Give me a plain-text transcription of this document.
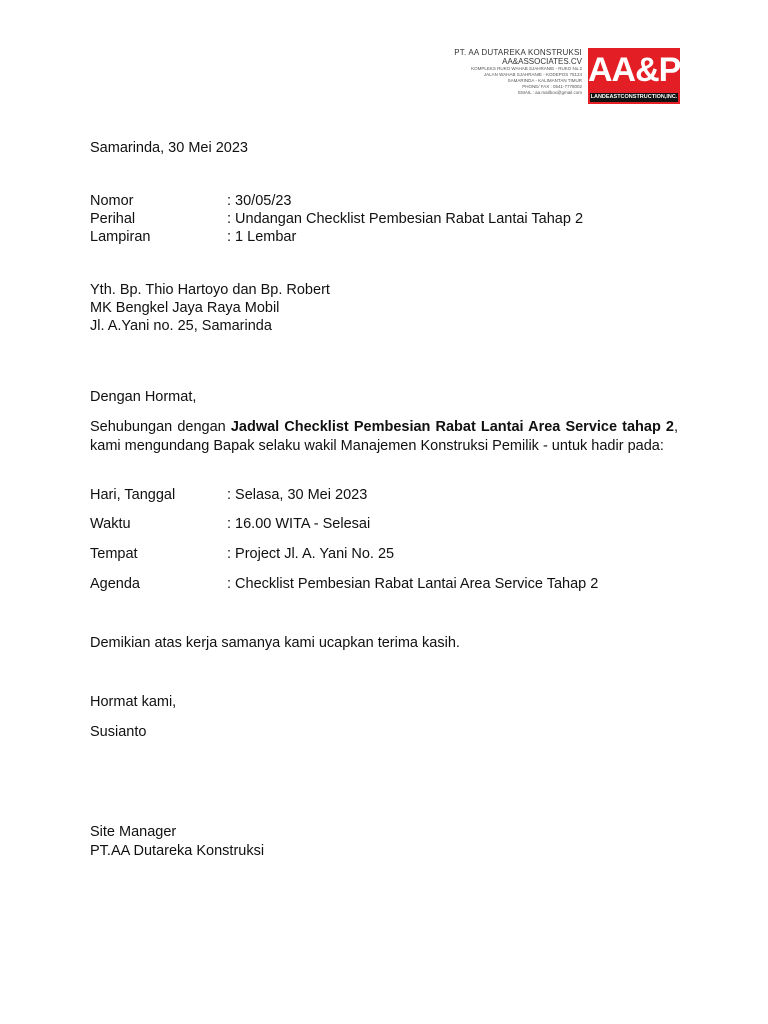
PT. AA DUTAREKA KONSTRUKSI
AA&ASSOCIATES.CV
KOMPLEKS RUKO WAHAB SJAHRANIE - RUKO No.2
JALAN WAHAB SJAHRANIE - KODEPOS 75124
SAMARINDA - KALIMANTAN TIMUR
PHONE/ FAX : 0541-7778002
EMAIL : aa.mailbox@gmail.com
AA&PT
LANDEASTCONSTRUCTION,INC.
Samarinda, 30 Mei 2023
Nomor	: 30/05/23
Perihal	: Undangan Checklist Pembesian Rabat Lantai Tahap 2
Lampiran	: 1 Lembar
Yth. Bp. Thio Hartoyo dan Bp. Robert
MK Bengkel Jaya Raya Mobil
Jl. A.Yani no. 25, Samarinda
Dengan Hormat,
Sehubungan dengan Jadwal Checklist Pembesian Rabat Lantai Area Service tahap 2, kami mengundang Bapak selaku wakil Manajemen Konstruksi Pemilik - untuk hadir pada:
Hari, Tanggal	: Selasa, 30 Mei 2023
Waktu	: 16.00 WITA - Selesai
Tempat	: Project Jl. A. Yani No. 25
Agenda	: Checklist Pembesian Rabat Lantai Area Service Tahap 2
Demikian atas kerja samanya kami ucapkan terima kasih.
Hormat kami,
Susianto
Site Manager
PT.AA Dutareka Konstruksi
